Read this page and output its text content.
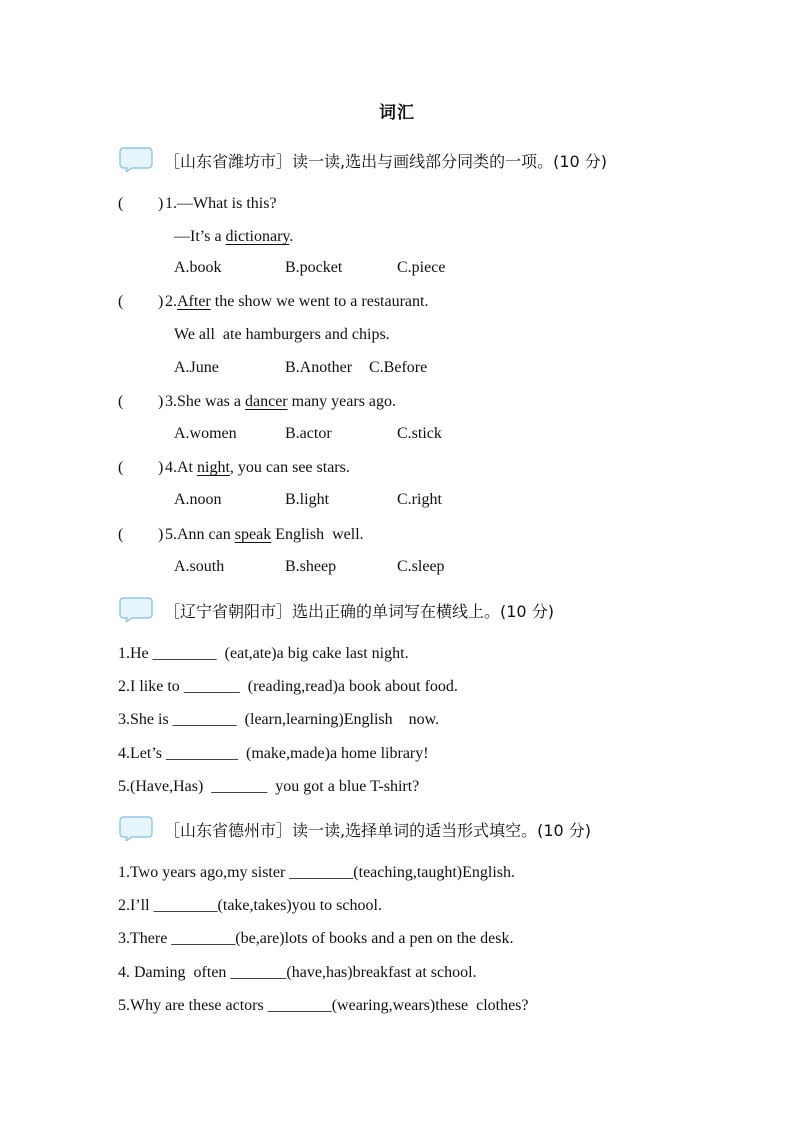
词汇
［山东省潍坊市］读一读,选出与画线部分同类的一项。(10 分)
( ) 1.—What is this?
—It’s a dictionary.
A.book	B.pocket	C.piece
( ) 2.After the show we went to a restaurant.
We all  ate hamburgers and chips.
A.June	B.Another C.Before
( ) 3.She was a dancer many years ago.
A.women	B.actor	C.stick
( ) 4.At night, you can see stars.
A.noon	B.light	C.right
( ) 5.Ann can speak English  well.
A.south	B.sheep	C.sleep
［辽宁省朝阳市］选出正确的单词写在横线上。(10 分)
1.He ________  (eat,ate)a big cake last night.
2.I like to _______  (reading,read)a book about food.
3.She is ________  (learn,learning)English    now.
4.Let’s _________  (make,made)a home library!
5.(Have,Has)  _______  you got a blue T-shirt?
［山东省德州市］读一读,选择单词的适当形式填空。(10 分)
1.Two years ago,my sister ________(teaching,taught)English.
2.I’ll ________(take,takes)you to school.
3.There ________(be,are)lots of books and a pen on the desk.
4. Daming  often _______(have,has)breakfast at school.
5.Why are these actors ________(wearing,wears)these  clothes?
